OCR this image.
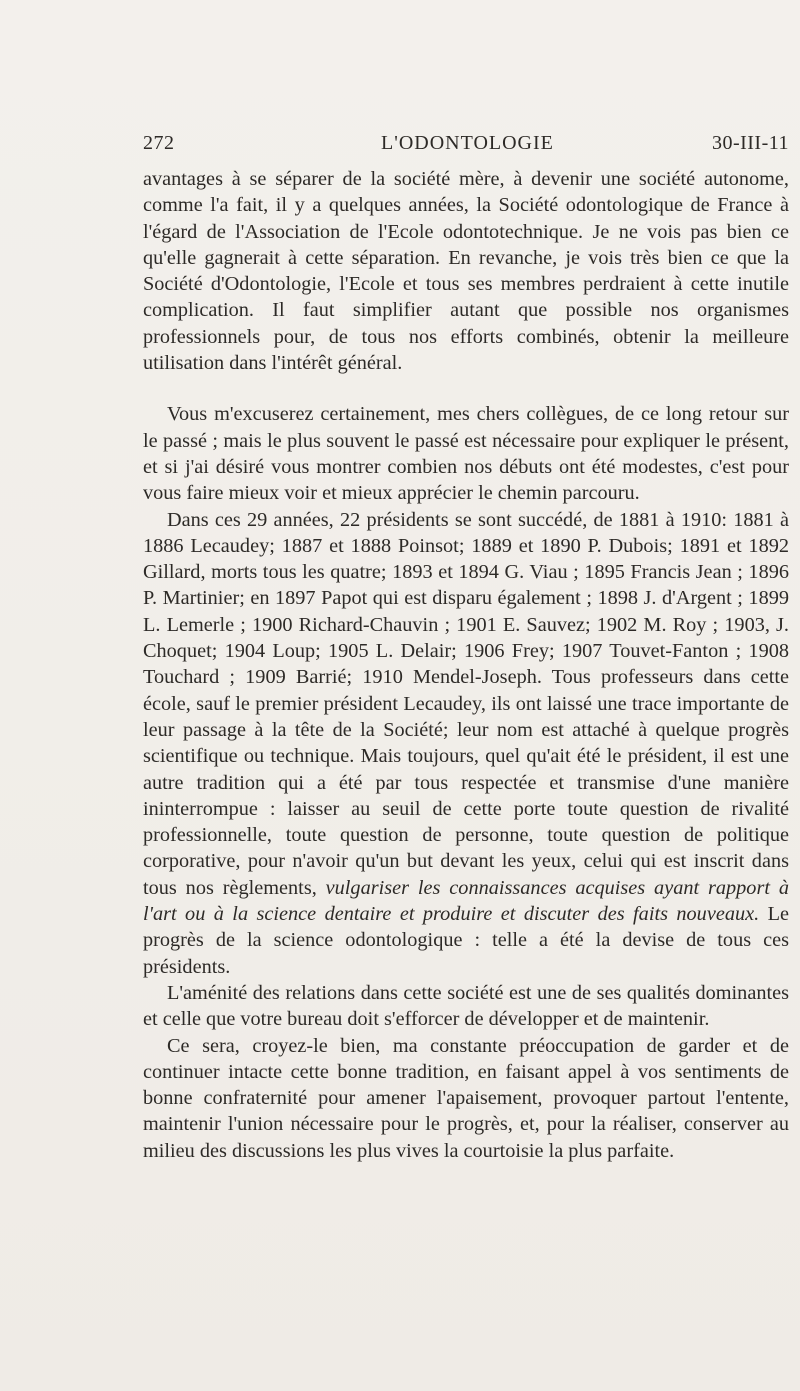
272	L'ODONTOLOGIE	30-III-11

avantages à se séparer de la société mère, à devenir une société autonome, comme l'a fait, il y a quelques années, la Société odontologique de France à l'égard de l'Association de l'Ecole odontotechnique. Je ne vois pas bien ce qu'elle gagnerait à cette séparation. En revanche, je vois très bien ce que la Société d'Odontologie, l'Ecole et tous ses membres perdraient à cette inutile complication. Il faut simplifier autant que possible nos organismes professionnels pour, de tous nos efforts combinés, obtenir la meilleure utilisation dans l'intérêt général.

Vous m'excuserez certainement, mes chers collègues, de ce long retour sur le passé ; mais le plus souvent le passé est nécessaire pour expliquer le présent, et si j'ai désiré vous montrer combien nos débuts ont été modestes, c'est pour vous faire mieux voir et mieux apprécier le chemin parcouru.

Dans ces 29 années, 22 présidents se sont succédé, de 1881 à 1910: 1881 à 1886 Lecaudey; 1887 et 1888 Poinsot; 1889 et 1890 P. Dubois; 1891 et 1892 Gillard, morts tous les quatre; 1893 et 1894 G. Viau ; 1895 Francis Jean ; 1896 P. Martinier; en 1897 Papot qui est disparu également ; 1898 J. d'Argent ; 1899 L. Lemerle ; 1900 Richard-Chauvin ; 1901 E. Sauvez; 1902 M. Roy ; 1903, J. Choquet; 1904 Loup; 1905 L. Delair; 1906 Frey; 1907 Touvet-Fanton ; 1908 Touchard ; 1909 Barrié; 1910 Mendel-Joseph. Tous professeurs dans cette école, sauf le premier président Lecaudey, ils ont laissé une trace importante de leur passage à la tête de la Société; leur nom est attaché à quelque progrès scientifique ou technique. Mais toujours, quel qu'ait été le président, il est une autre tradition qui a été par tous respectée et transmise d'une manière ininterrompue : laisser au seuil de cette porte toute question de rivalité professionnelle, toute question de personne, toute question de politique corporative, pour n'avoir qu'un but devant les yeux, celui qui est inscrit dans tous nos règlements, vulgariser les connaissances acquises ayant rapport à l'art ou à la science dentaire et produire et discuter des faits nouveaux. Le progrès de la science odontologique : telle a été la devise de tous ces présidents.

L'aménité des relations dans cette société est une de ses qualités dominantes et celle que votre bureau doit s'efforcer de développer et de maintenir.

Ce sera, croyez-le bien, ma constante préoccupation de garder et de continuer intacte cette bonne tradition, en faisant appel à vos sentiments de bonne confraternité pour amener l'apaisement, provoquer partout l'entente, maintenir l'union nécessaire pour le progrès, et, pour la réaliser, conserver au milieu des discussions les plus vives la courtoisie la plus parfaite.
